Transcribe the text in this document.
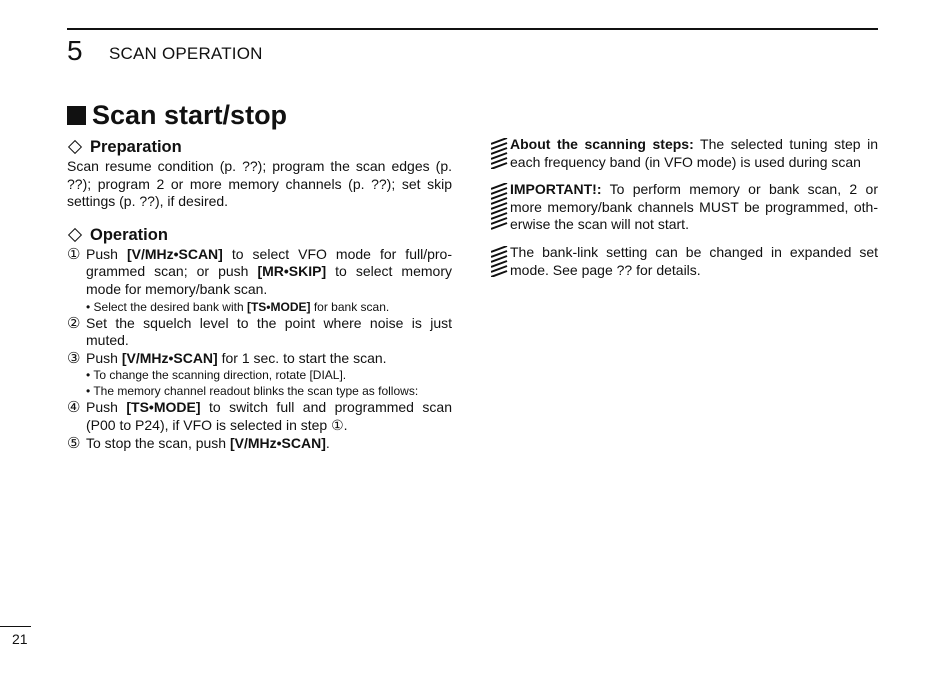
5 SCAN OPERATION
Scan start/stop
Preparation
Scan resume condition (p. ??); program the scan edges (p. ??); program 2 or more memory channels (p. ??); set skip settings (p. ??), if desired.
Operation
① Push [V/MHz•SCAN] to select VFO mode for full/programmed scan; or push [MR•SKIP] to select memory mode for memory/bank scan.
• Select the desired bank with [TS•MODE] for bank scan.
② Set the squelch level to the point where noise is just muted.
③ Push [V/MHz•SCAN] for 1 sec. to start the scan.
• To change the scanning direction, rotate [DIAL].
• The memory channel readout blinks the scan type as follows:
④ Push [TS•MODE] to switch full and programmed scan (P00 to P24), if VFO is selected in step ①.
⑤ To stop the scan, push [V/MHz•SCAN].
About the scanning steps: The selected tuning step in each frequency band (in VFO mode) is used during scan
IMPORTANT!: To perform memory or bank scan, 2 or more memory/bank channels MUST be programmed, otherwise the scan will not start.
The bank-link setting can be changed in expanded set mode. See page ?? for details.
21
